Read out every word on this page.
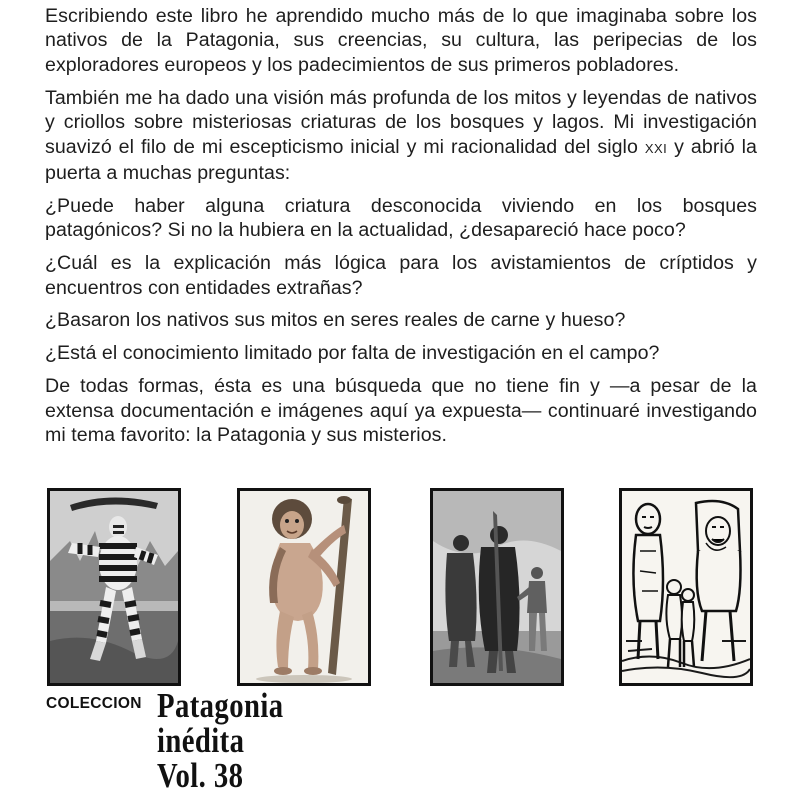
Escribiendo este libro he aprendido mucho más de lo que imaginaba sobre los nativos de la Patagonia, sus creencias, su cultura, las peripecias de los exploradores europeos y los padecimientos de sus primeros pobladores.

También me ha dado una visión más profunda de los mitos y leyendas de nativos y criollos sobre misteriosas criaturas de los bosques y lagos. Mi investigación suavizó el filo de mi escepticismo inicial y mi racionalidad del siglo XXI y abrió la puerta a muchas preguntas:

¿Puede haber alguna criatura desconocida viviendo en los bosques patagónicos? Si no la hubiera en la actualidad, ¿desapareció hace poco?

¿Cuál es la explicación más lógica para los avistamientos de críptidos y encuentros con entidades extrañas?

¿Basaron los nativos sus mitos en seres reales de carne y hueso?

¿Está el conocimiento limitado por falta de investigación en el campo?

De todas formas, ésta es una búsqueda que no tiene fin y —a pesar de la extensa documentación e imágenes aquí ya expuesta— continuaré investigando mi tema favorito: la Patagonia y sus misterios.

COLECCION Patagonia
inédita
Vol. 38
